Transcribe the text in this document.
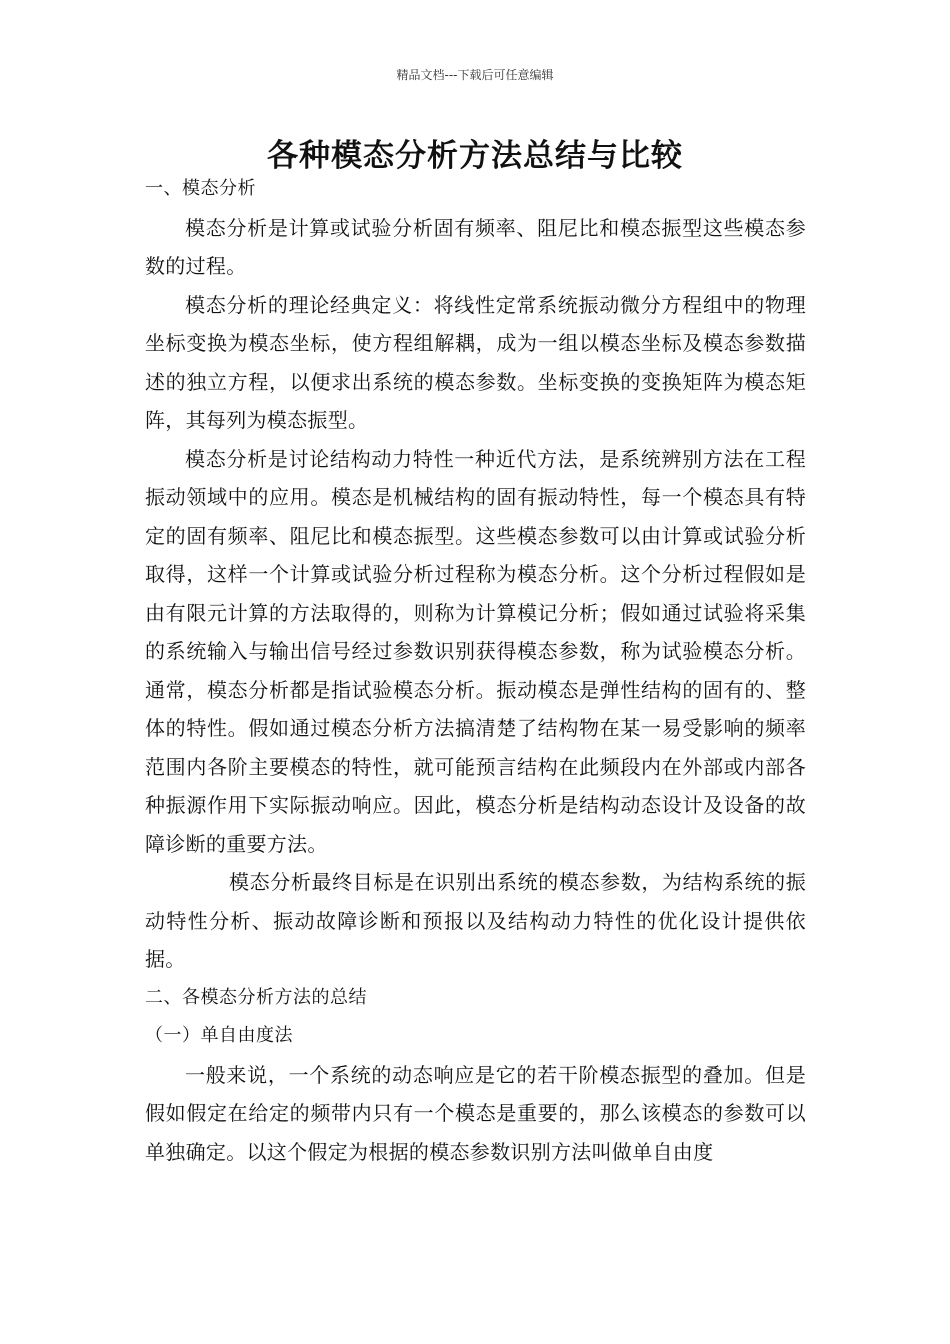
精品文档---下载后可任意编辑
各种模态分析方法总结与比较

一、模态分析

模态分析是计算或试验分析固有频率、阻尼比和模态振型这些模态参数的过程。

模态分析的理论经典定义：将线性定常系统振动微分方程组中的物理坐标变换为模态坐标，使方程组解耦，成为一组以模态坐标及模态参数描述的独立方程，以便求出系统的模态参数。坐标变换的变换矩阵为模态矩阵，其每列为模态振型。

模态分析是讨论结构动力特性一种近代方法，是系统辨别方法在工程振动领域中的应用。模态是机械结构的固有振动特性，每一个模态具有特定的固有频率、阻尼比和模态振型。这些模态参数可以由计算或试验分析取得，这样一个计算或试验分析过程称为模态分析。这个分析过程假如是由有限元计算的方法取得的，则称为计算模记分析；假如通过试验将采集的系统输入与输出信号经过参数识别获得模态参数，称为试验模态分析。通常，模态分析都是指试验模态分析。振动模态是弹性结构的固有的、整体的特性。假如通过模态分析方法搞清楚了结构物在某一易受影响的频率范围内各阶主要模态的特性，就可能预言结构在此频段内在外部或内部各种振源作用下实际振动响应。因此，模态分析是结构动态设计及设备的故障诊断的重要方法。

模态分析最终目标是在识别出系统的模态参数，为结构系统的振动特性分析、振动故障诊断和预报以及结构动力特性的优化设计提供依据。

二、各模态分析方法的总结

（一）单自由度法

一般来说，一个系统的动态响应是它的若干阶模态振型的叠加。但是假如假定在给定的频带内只有一个模态是重要的，那么该模态的参数可以单独确定。以这个假定为根据的模态参数识别方法叫做单自由度
